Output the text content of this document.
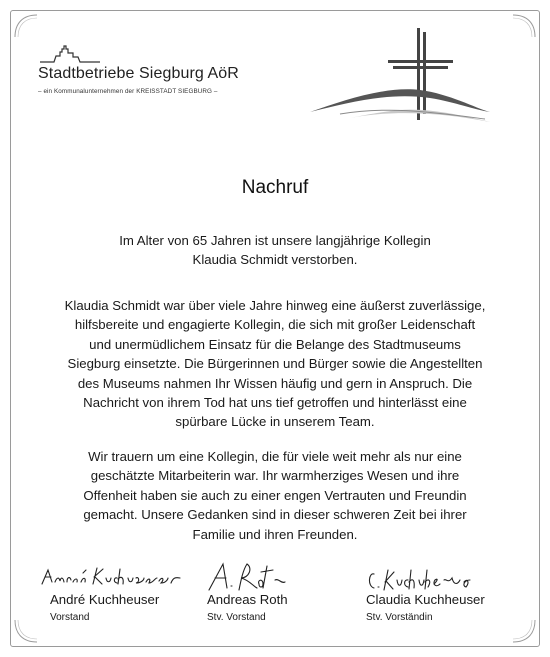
Stadtbetriebe Siegburg AöR
– ein Kommunalunternehmen der KREISSTADT SIEGBURG –
Nachruf
Im Alter von 65 Jahren ist unsere langjährige Kollegin
Klaudia Schmidt verstorben.
Klaudia Schmidt war über viele Jahre hinweg eine äußerst zuverlässige,
hilfsbereite und engagierte Kollegin, die sich mit großer Leidenschaft
und unermüdlichem Einsatz für die Belange des Stadtmuseums
Siegburg einsetzte. Die Bürgerinnen und Bürger sowie die Angestellten
des Museums nahmen Ihr Wissen häufig und gern in Anspruch. Die
Nachricht von ihrem Tod hat uns tief getroffen und hinterlässt eine
spürbare Lücke in unserem Team.
Wir trauern um eine Kollegin, die für viele weit mehr als nur eine
geschätzte Mitarbeiterin war. Ihr warmherziges Wesen und ihre
Offenheit haben sie auch zu einer engen Vertrauten und Freundin
gemacht. Unsere Gedanken sind in dieser schweren Zeit bei ihrer
Familie und ihren Freunden.
André Kuchheuser
Vorstand
Andreas Roth
Stv. Vorstand
Claudia Kuchheuser
Stv. Vorständin
